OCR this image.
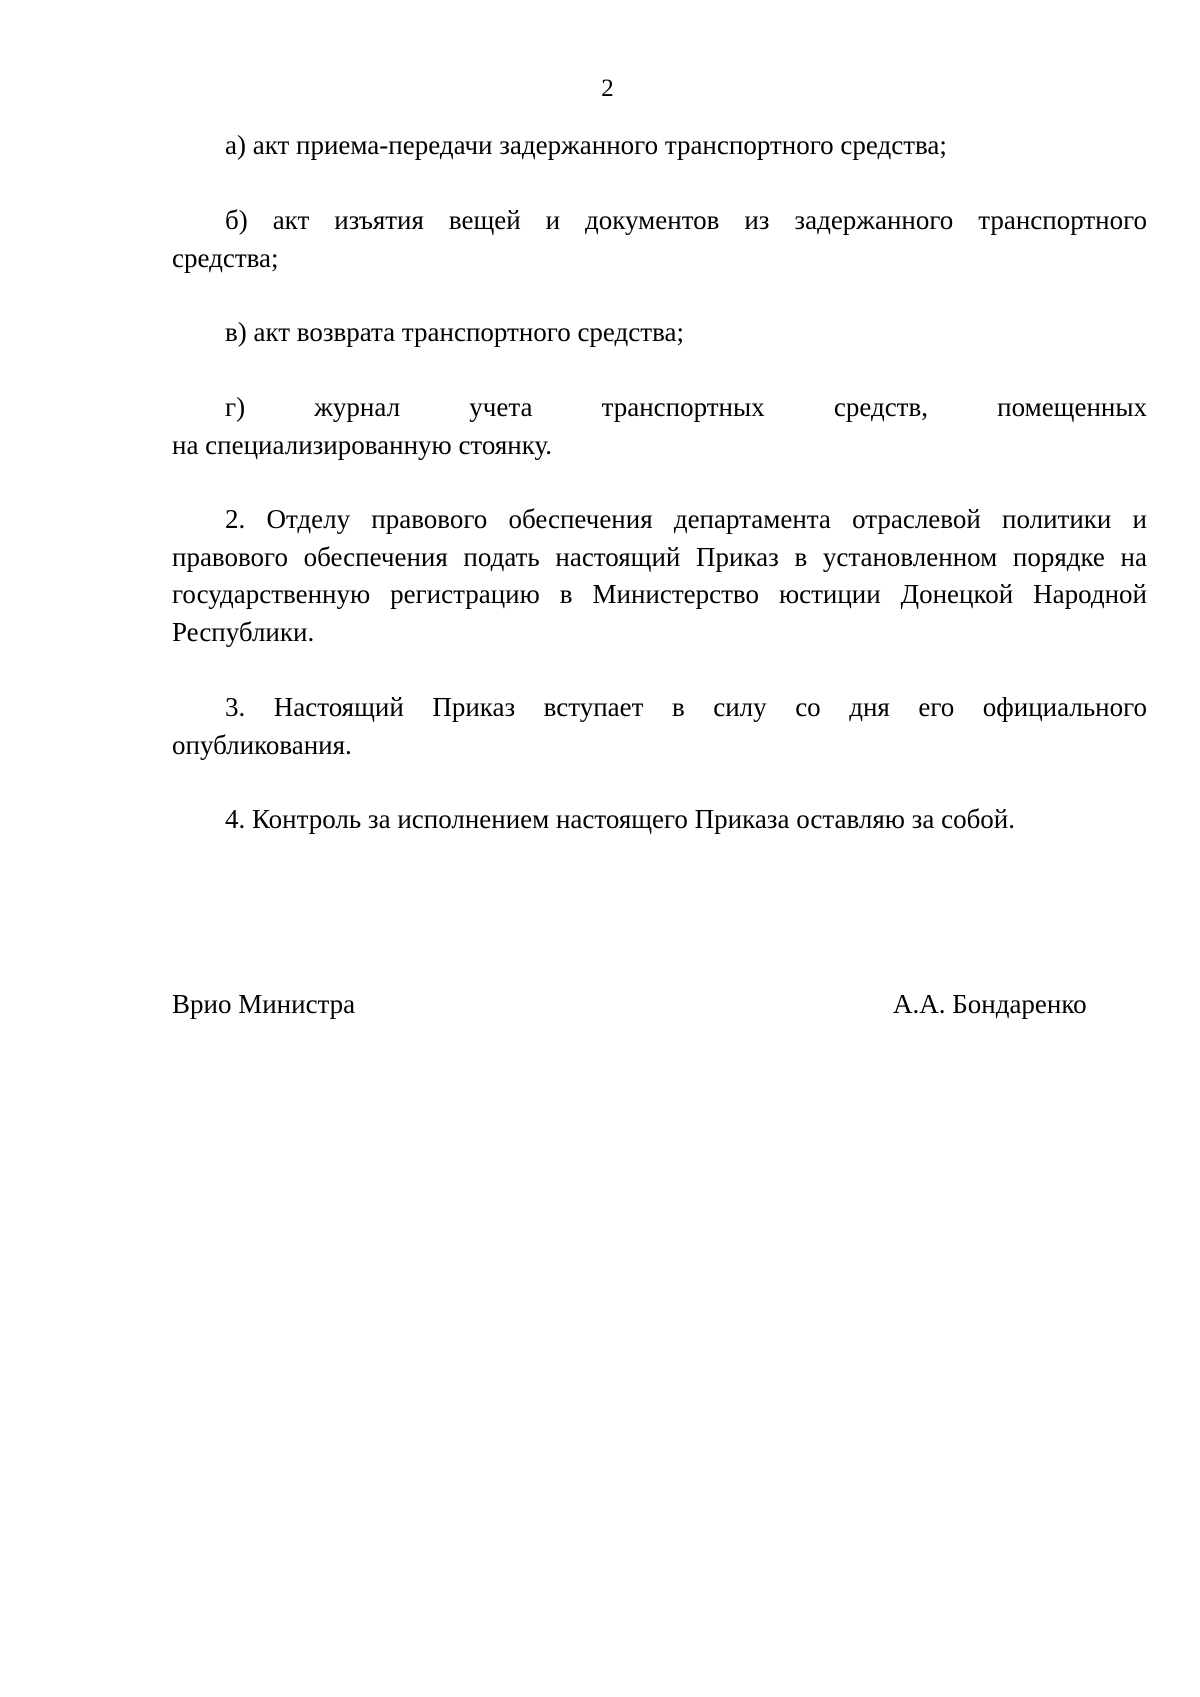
2

а) акт приема-передачи задержанного транспортного средства;

б) акт изъятия вещей и документов из задержанного транспортного

средства;

в) акт возврата транспортного средства;

г) журнал учета транспортных средств, помещенных

на специализированную стоянку.

2. Отделу правового обеспечения департамента отраслевой политики и правового обеспечения подать настоящий Приказ в установленном порядке на государственную регистрацию в Министерство юстиции Донецкой Народной Республики.

3. Настоящий Приказ вступает в силу со дня его официального

опубликования.

4. Контроль за исполнением настоящего Приказа оставляю за собой.

Врио Министра	А.А. Бондаренко
